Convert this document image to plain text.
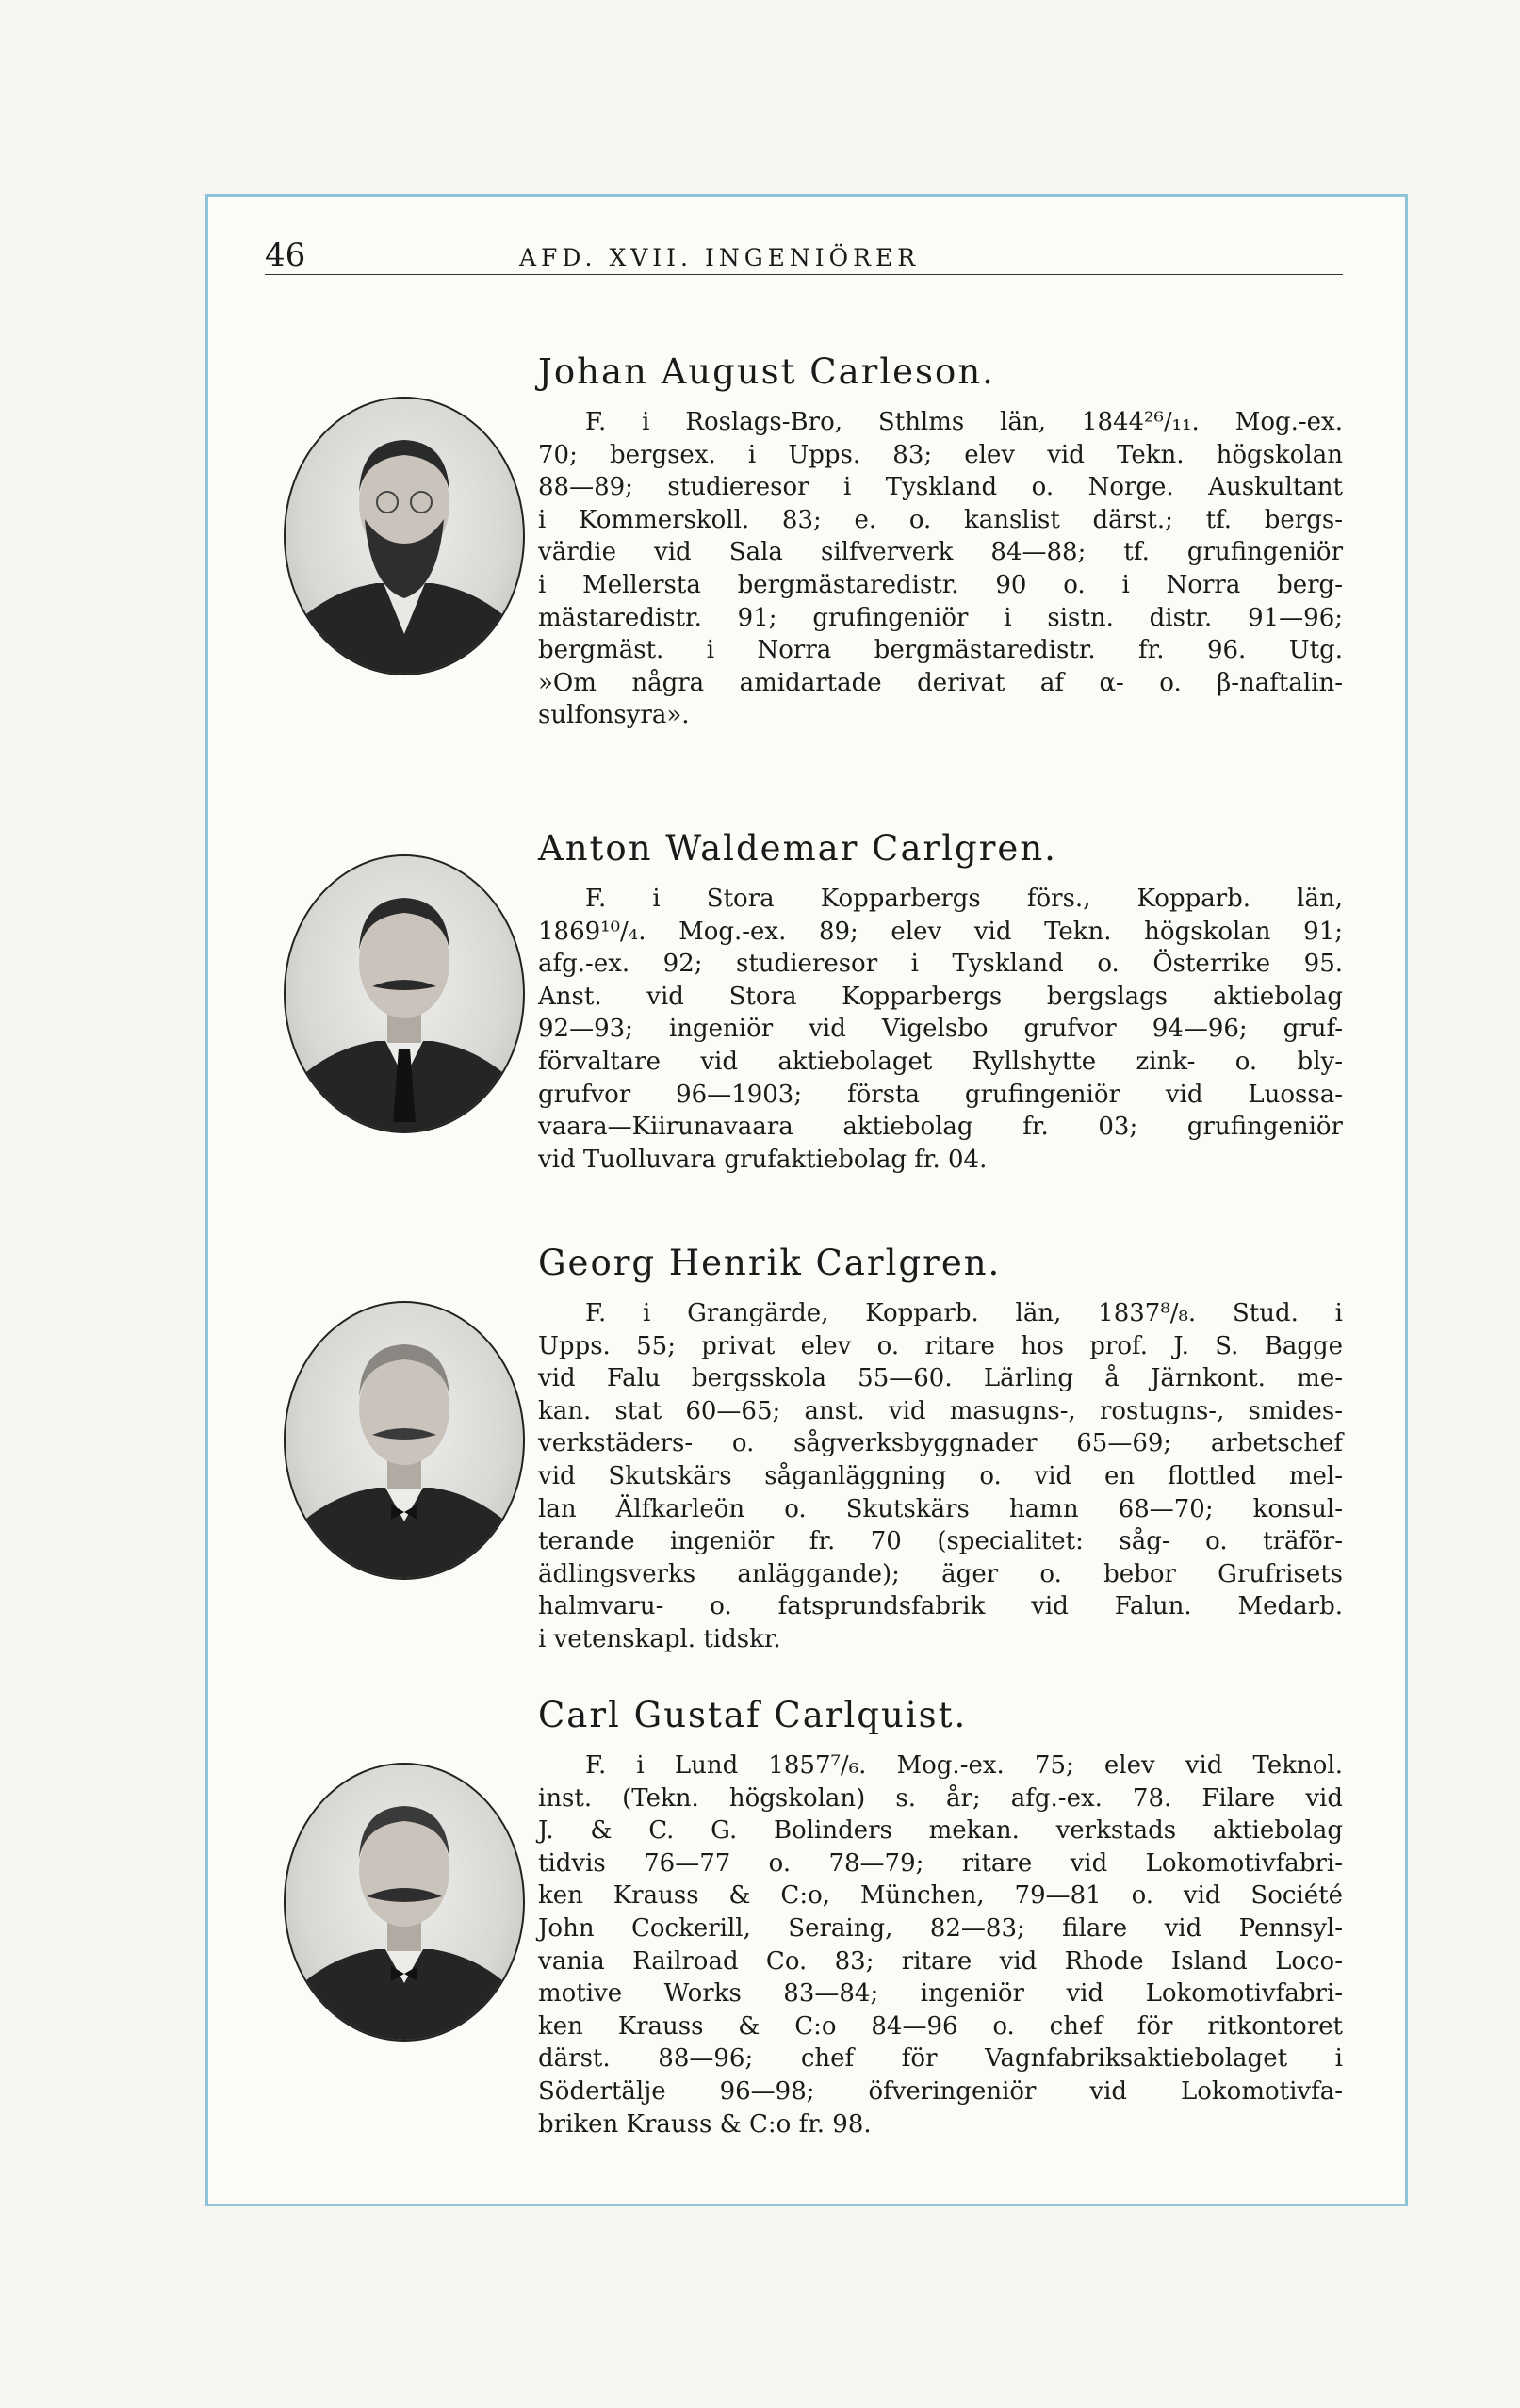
46	AFD. XVII. INGENIÖRER
Johan August Carleson.
F. i Roslags-Bro, Sthlms län, 1844²⁶/₁₁. Mog.-ex.
70; bergsex. i Upps. 83; elev vid Tekn. högskolan
88—89; studieresor i Tyskland o. Norge. Auskultant
i Kommerskoll. 83; e. o. kanslist därst.; tf. bergs-
värdie vid Sala silfververk 84—88; tf. grufingeniör
i Mellersta bergmästaredistr. 90 o. i Norra berg-
mästaredistr. 91; grufingeniör i sistn. distr. 91—96;
bergmäst. i Norra bergmästaredistr. fr. 96. Utg.
»Om några amidartade derivat af α- o. β-naftalin-
sulfonsyra».
Anton Waldemar Carlgren.
F. i Stora Kopparbergs förs., Kopparb. län,
1869¹⁰/₄. Mog.-ex. 89; elev vid Tekn. högskolan 91;
afg.-ex. 92; studieresor i Tyskland o. Österrike 95.
Anst. vid Stora Kopparbergs bergslags aktiebolag
92—93; ingeniör vid Vigelsbo grufvor 94—96; gruf-
förvaltare vid aktiebolaget Ryllshytte zink- o. bly-
grufvor 96—1903; första grufingeniör vid Luossa-
vaara—Kiirunavaara aktiebolag fr. 03; grufingeniör
vid Tuolluvara grufaktiebolag fr. 04.
Georg Henrik Carlgren.
F. i Grangärde, Kopparb. län, 1837⁸/₈. Stud. i
Upps. 55; privat elev o. ritare hos prof. J. S. Bagge
vid Falu bergsskola 55—60. Lärling å Järnkont. me-
kan. stat 60—65; anst. vid masugns-, rostugns-, smides-
verkstäders- o. sågverksbyggnader 65—69; arbetschef
vid Skutskärs såganläggning o. vid en flottled mel-
lan Älfkarleön o. Skutskärs hamn 68—70; konsul-
terande ingeniör fr. 70 (specialitet: såg- o. träför-
ädlingsverks anläggande); äger o. bebor Grufrisets
halmvaru- o. fatsprundsfabrik vid Falun. Medarb.
i vetenskapl. tidskr.
Carl Gustaf Carlquist.
F. i Lund 1857⁷/₆. Mog.-ex. 75; elev vid Teknol.
inst. (Tekn. högskolan) s. år; afg.-ex. 78. Filare vid
J. & C. G. Bolinders mekan. verkstads aktiebolag
tidvis 76—77 o. 78—79; ritare vid Lokomotivfabri-
ken Krauss & C:o, München, 79—81 o. vid Société
John Cockerill, Seraing, 82—83; filare vid Pennsyl-
vania Railroad Co. 83; ritare vid Rhode Island Loco-
motive Works 83—84; ingeniör vid Lokomotivfabri-
ken Krauss & C:o 84—96 o. chef för ritkontoret
därst. 88—96; chef för Vagnfabriksaktiebolaget i
Södertälje 96—98; öfveringeniör vid Lokomotivfa-
briken Krauss & C:o fr. 98.
